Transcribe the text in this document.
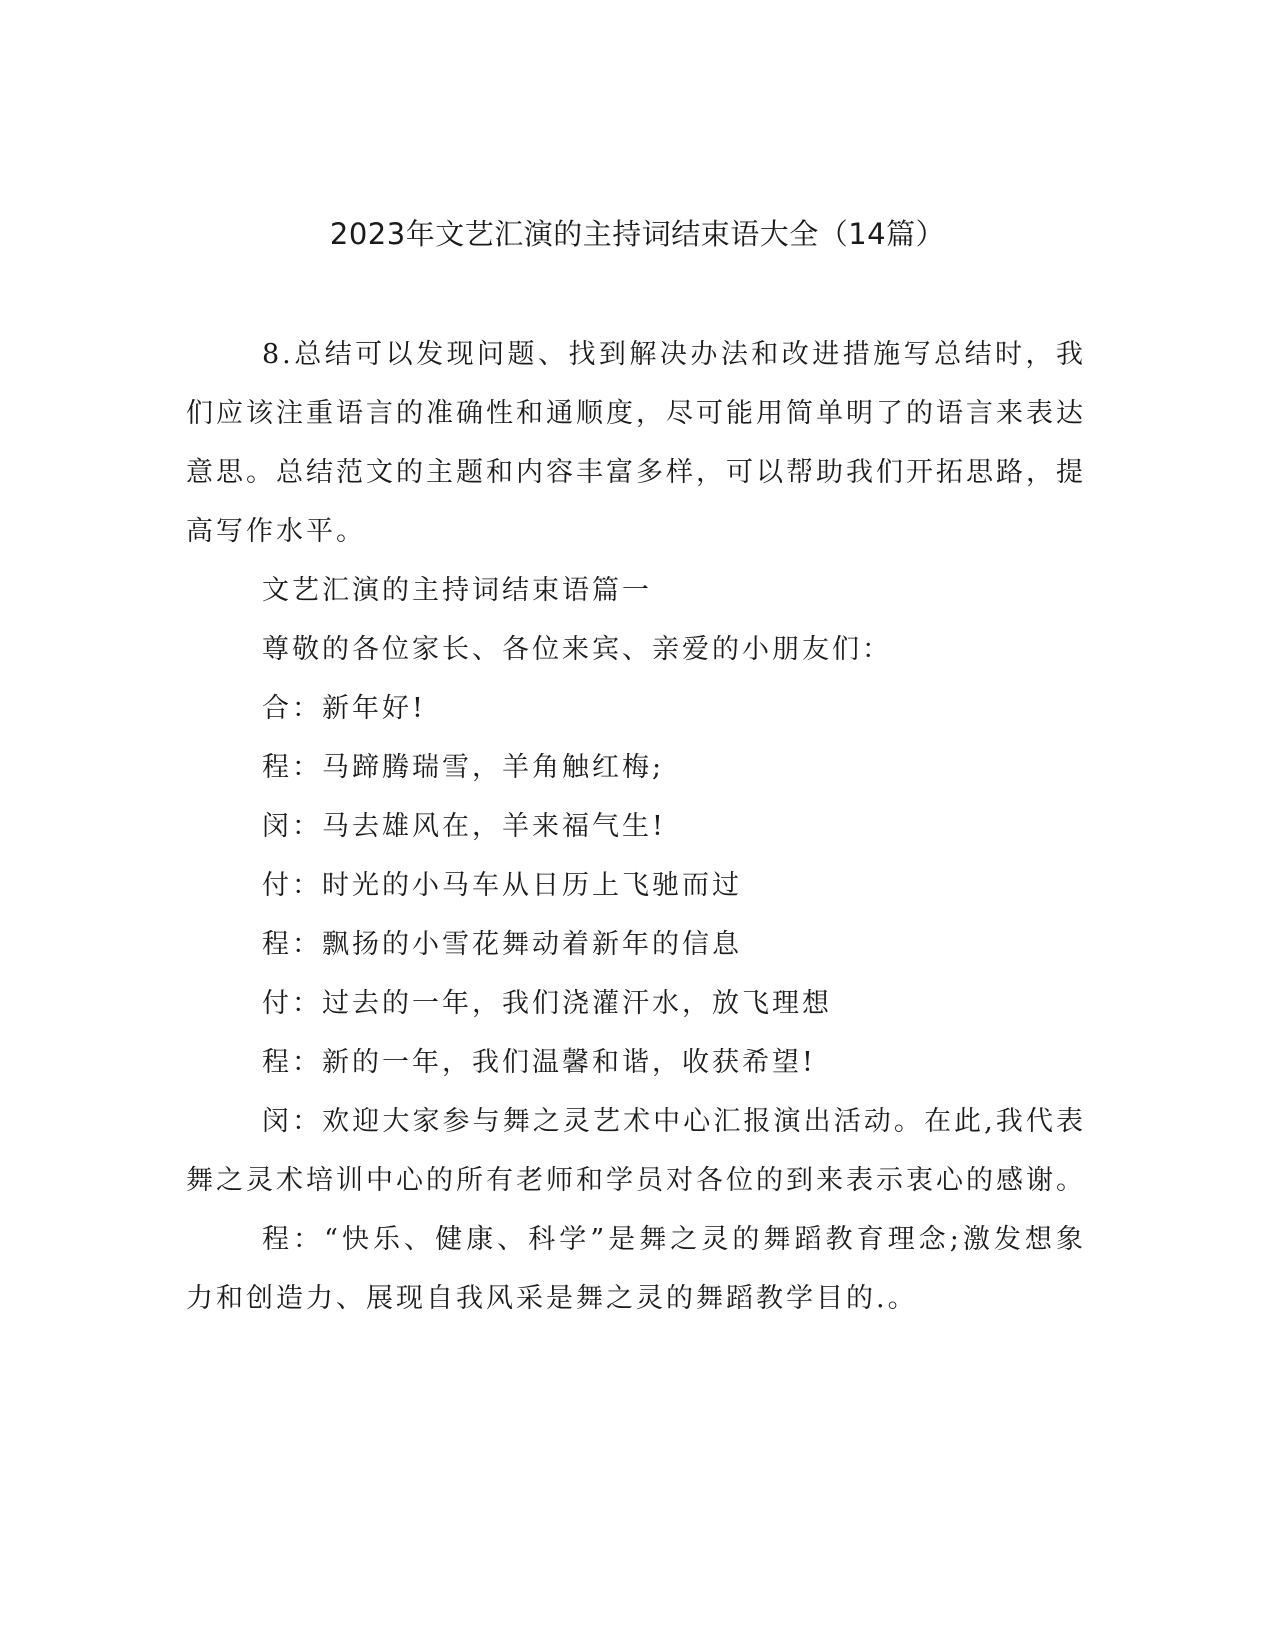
2023年文艺汇演的主持词结束语大全（14篇）

8.总结可以发现问题、找到解决办法和改进措施写总结时，我们应该注重语言的准确性和通顺度，尽可能用简单明了的语言来表达意思。总结范文的主题和内容丰富多样，可以帮助我们开拓思路，提高写作水平。

文艺汇演的主持词结束语篇一

尊敬的各位家长、各位来宾、亲爱的小朋友们：

合：新年好!

程：马蹄腾瑞雪，羊角触红梅;

闵：马去雄风在，羊来福气生!

付：时光的小马车从日历上飞驰而过

程：飘扬的小雪花舞动着新年的信息

付：过去的一年，我们浇灌汗水，放飞理想

程：新的一年，我们温馨和谐，收获希望!

闵：欢迎大家参与舞之灵艺术中心汇报演出活动。在此,我代表舞之灵术培训中心的所有老师和学员对各位的到来表示衷心的感谢。

程：“快乐、健康、科学”是舞之灵的舞蹈教育理念;激发想象力和创造力、展现自我风采是舞之灵的舞蹈教学目的.。
